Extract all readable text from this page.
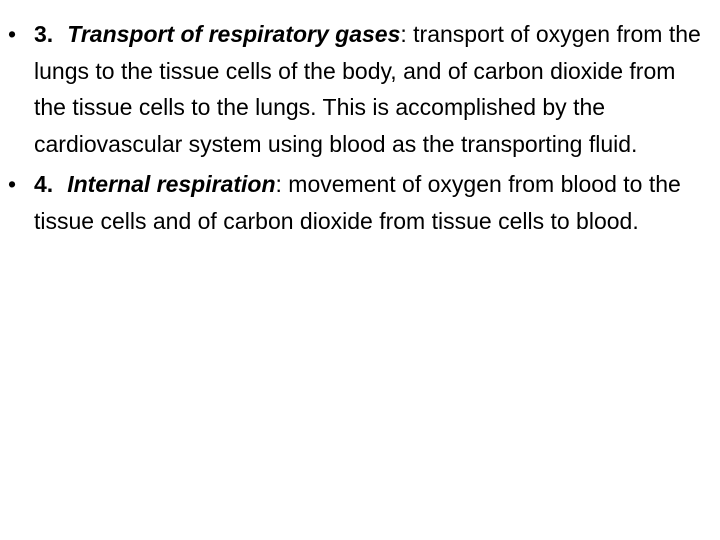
• 3. Transport of respiratory gases: transport of oxygen from the lungs to the tissue cells of the body, and of carbon dioxide from the tissue cells to the lungs. This is accomplished by the cardiovascular system using blood as the transporting fluid.
• 4. Internal respiration: movement of oxygen from blood to the tissue cells and of carbon dioxide from tissue cells to blood.
